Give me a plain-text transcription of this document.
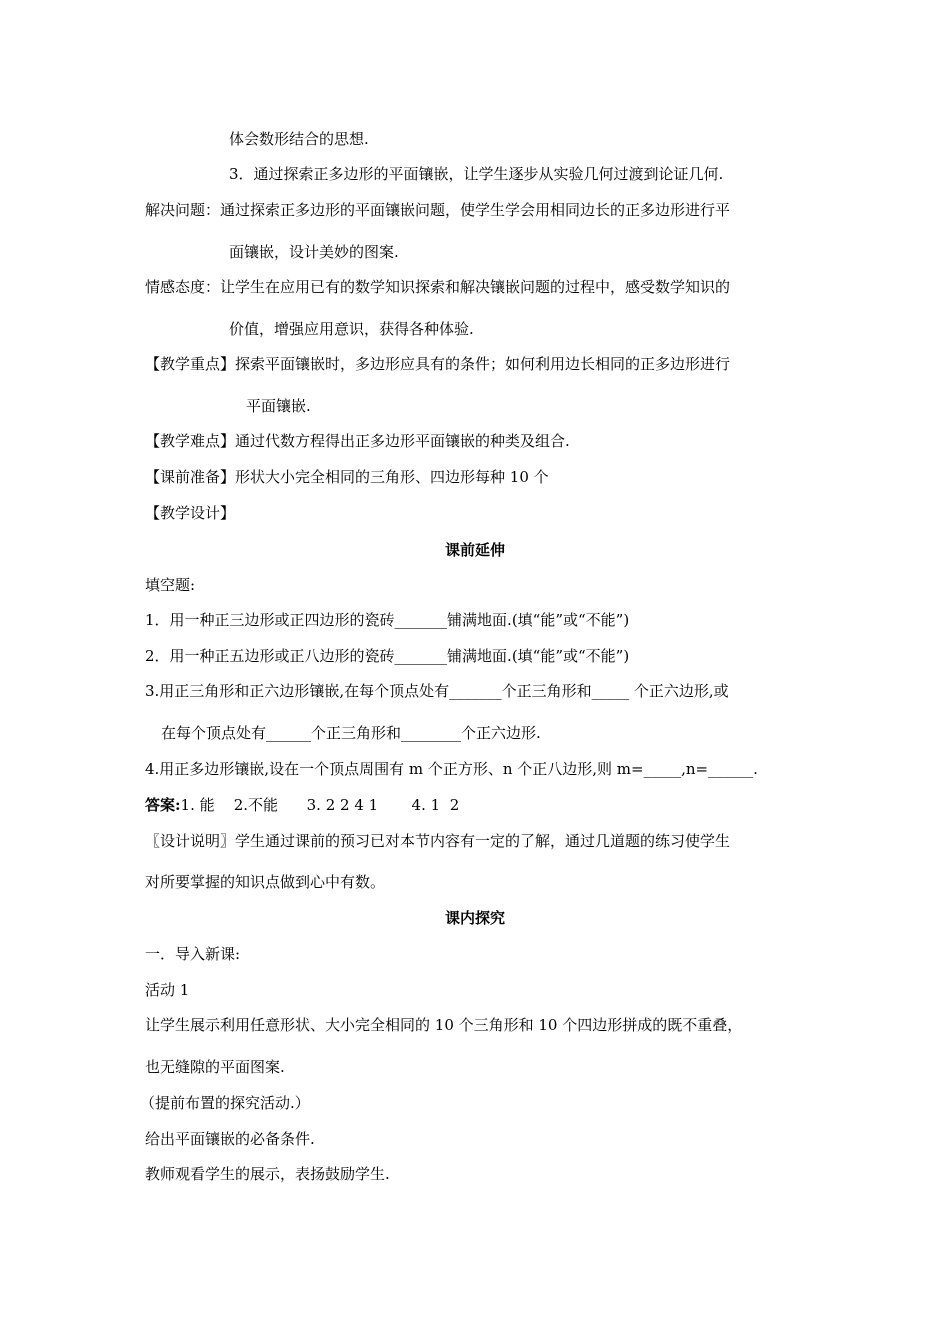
体会数形结合的思想.
3．通过探索正多边形的平面镶嵌，让学生逐步从实验几何过渡到论证几何.
解决问题：通过探索正多边形的平面镶嵌问题，使学生学会用相同边长的正多边形进行平
面镶嵌，设计美妙的图案.
情感态度：让学生在应用已有的数学知识探索和解决镶嵌问题的过程中，感受数学知识的
价值，增强应用意识，获得各种体验.
【教学重点】探索平面镶嵌时，多边形应具有的条件；如何利用边长相同的正多边形进行
平面镶嵌.
【教学难点】通过代数方程得出正多边形平面镶嵌的种类及组合.
【课前准备】形状大小完全相同的三角形、四边形每种 10 个
【教学设计】
课前延伸
填空题:
1．用一种正三边形或正四边形的瓷砖_______铺满地面.(填“能”或“不能”)
2．用一种正五边形或正八边形的瓷砖_______铺满地面.(填“能”或“不能”)
3.用正三角形和正六边形镶嵌,在每个顶点处有_______个正三角形和_____ 个正六边形,或
在每个顶点处有______个正三角形和________个正六边形.
4.用正多边形镶嵌,设在一个顶点周围有 m 个正方形、n 个正八边形,则 m=_____,n=______.
答案:1. 能    2.不能      3. 2 2 4 1       4. 1  2
〖设计说明〗学生通过课前的预习已对本节内容有一定的了解，通过几道题的练习使学生
对所要掌握的知识点做到心中有数。
课内探究
一．导入新课:
活动 1
让学生展示利用任意形状、大小完全相同的 10 个三角形和 10 个四边形拼成的既不重叠，
也无缝隙的平面图案.
（提前布置的探究活动.）
给出平面镶嵌的必备条件.
教师观看学生的展示，表扬鼓励学生.
